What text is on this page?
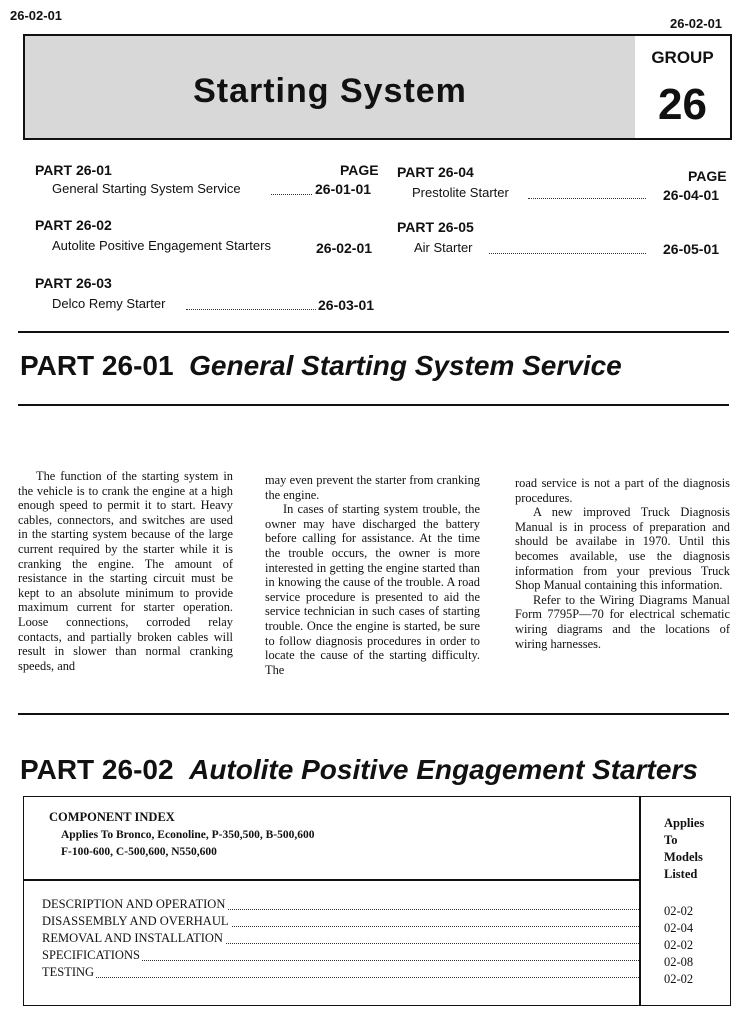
26-02-01
26-02-01
Starting System
GROUP
26
PART 26-01	PAGE
General Starting System Service	26-01-01
PART 26-02
Autolite Positive Engagement Starters	26-02-01
PART 26-03
Delco Remy Starter	26-03-01
PART 26-04	PAGE
Prestolite Starter	26-04-01
PART 26-05
Air Starter	26-05-01
PART 26-01 General Starting System Service

The function of the starting system in the vehicle is to crank the engine at a high enough speed to permit it to start. Heavy cables, connectors, and switches are used in the starting system because of the large current required by the starter while it is cranking the engine. The amount of resistance in the starting circuit must be kept to an absolute minimum to provide maximum current for starter operation. Loose connections, corroded relay contacts, and partially broken cables will result in slower than normal cranking speeds, and

may even prevent the starter from cranking the engine.

In cases of starting system trouble, the owner may have discharged the battery before calling for assistance. At the time the trouble occurs, the owner is more interested in getting the engine started than in knowing the cause of the trouble. A road service procedure is presented to aid the service technician in such cases of starting trouble. Once the engine is started, be sure to follow diagnosis procedures in order to locate the cause of the starting difficulty. The

road service is not a part of the diagnosis procedures.

A new improved Truck Diagnosis Manual is in process of preparation and should be availabe in 1970. Until this becomes available, use the diagnosis information from your previous Truck Shop Manual containing this information.

Refer to the Wiring Diagrams Manual Form 7795P—70 for electrical schematic wiring diagrams and the locations of wiring harnesses.

PART 26-02 Autolite Positive Engagement Starters
COMPONENT INDEX
Applies To Bronco, Econoline, P-350,500, B-500,600
F-100-600, C-500,600, N550,600
Applies
To
Models
Listed
DESCRIPTION AND OPERATION	02-02
DISASSEMBLY AND OVERHAUL	02-04
REMOVAL AND INSTALLATION	02-02
SPECIFICATIONS	02-08
TESTING	02-02
